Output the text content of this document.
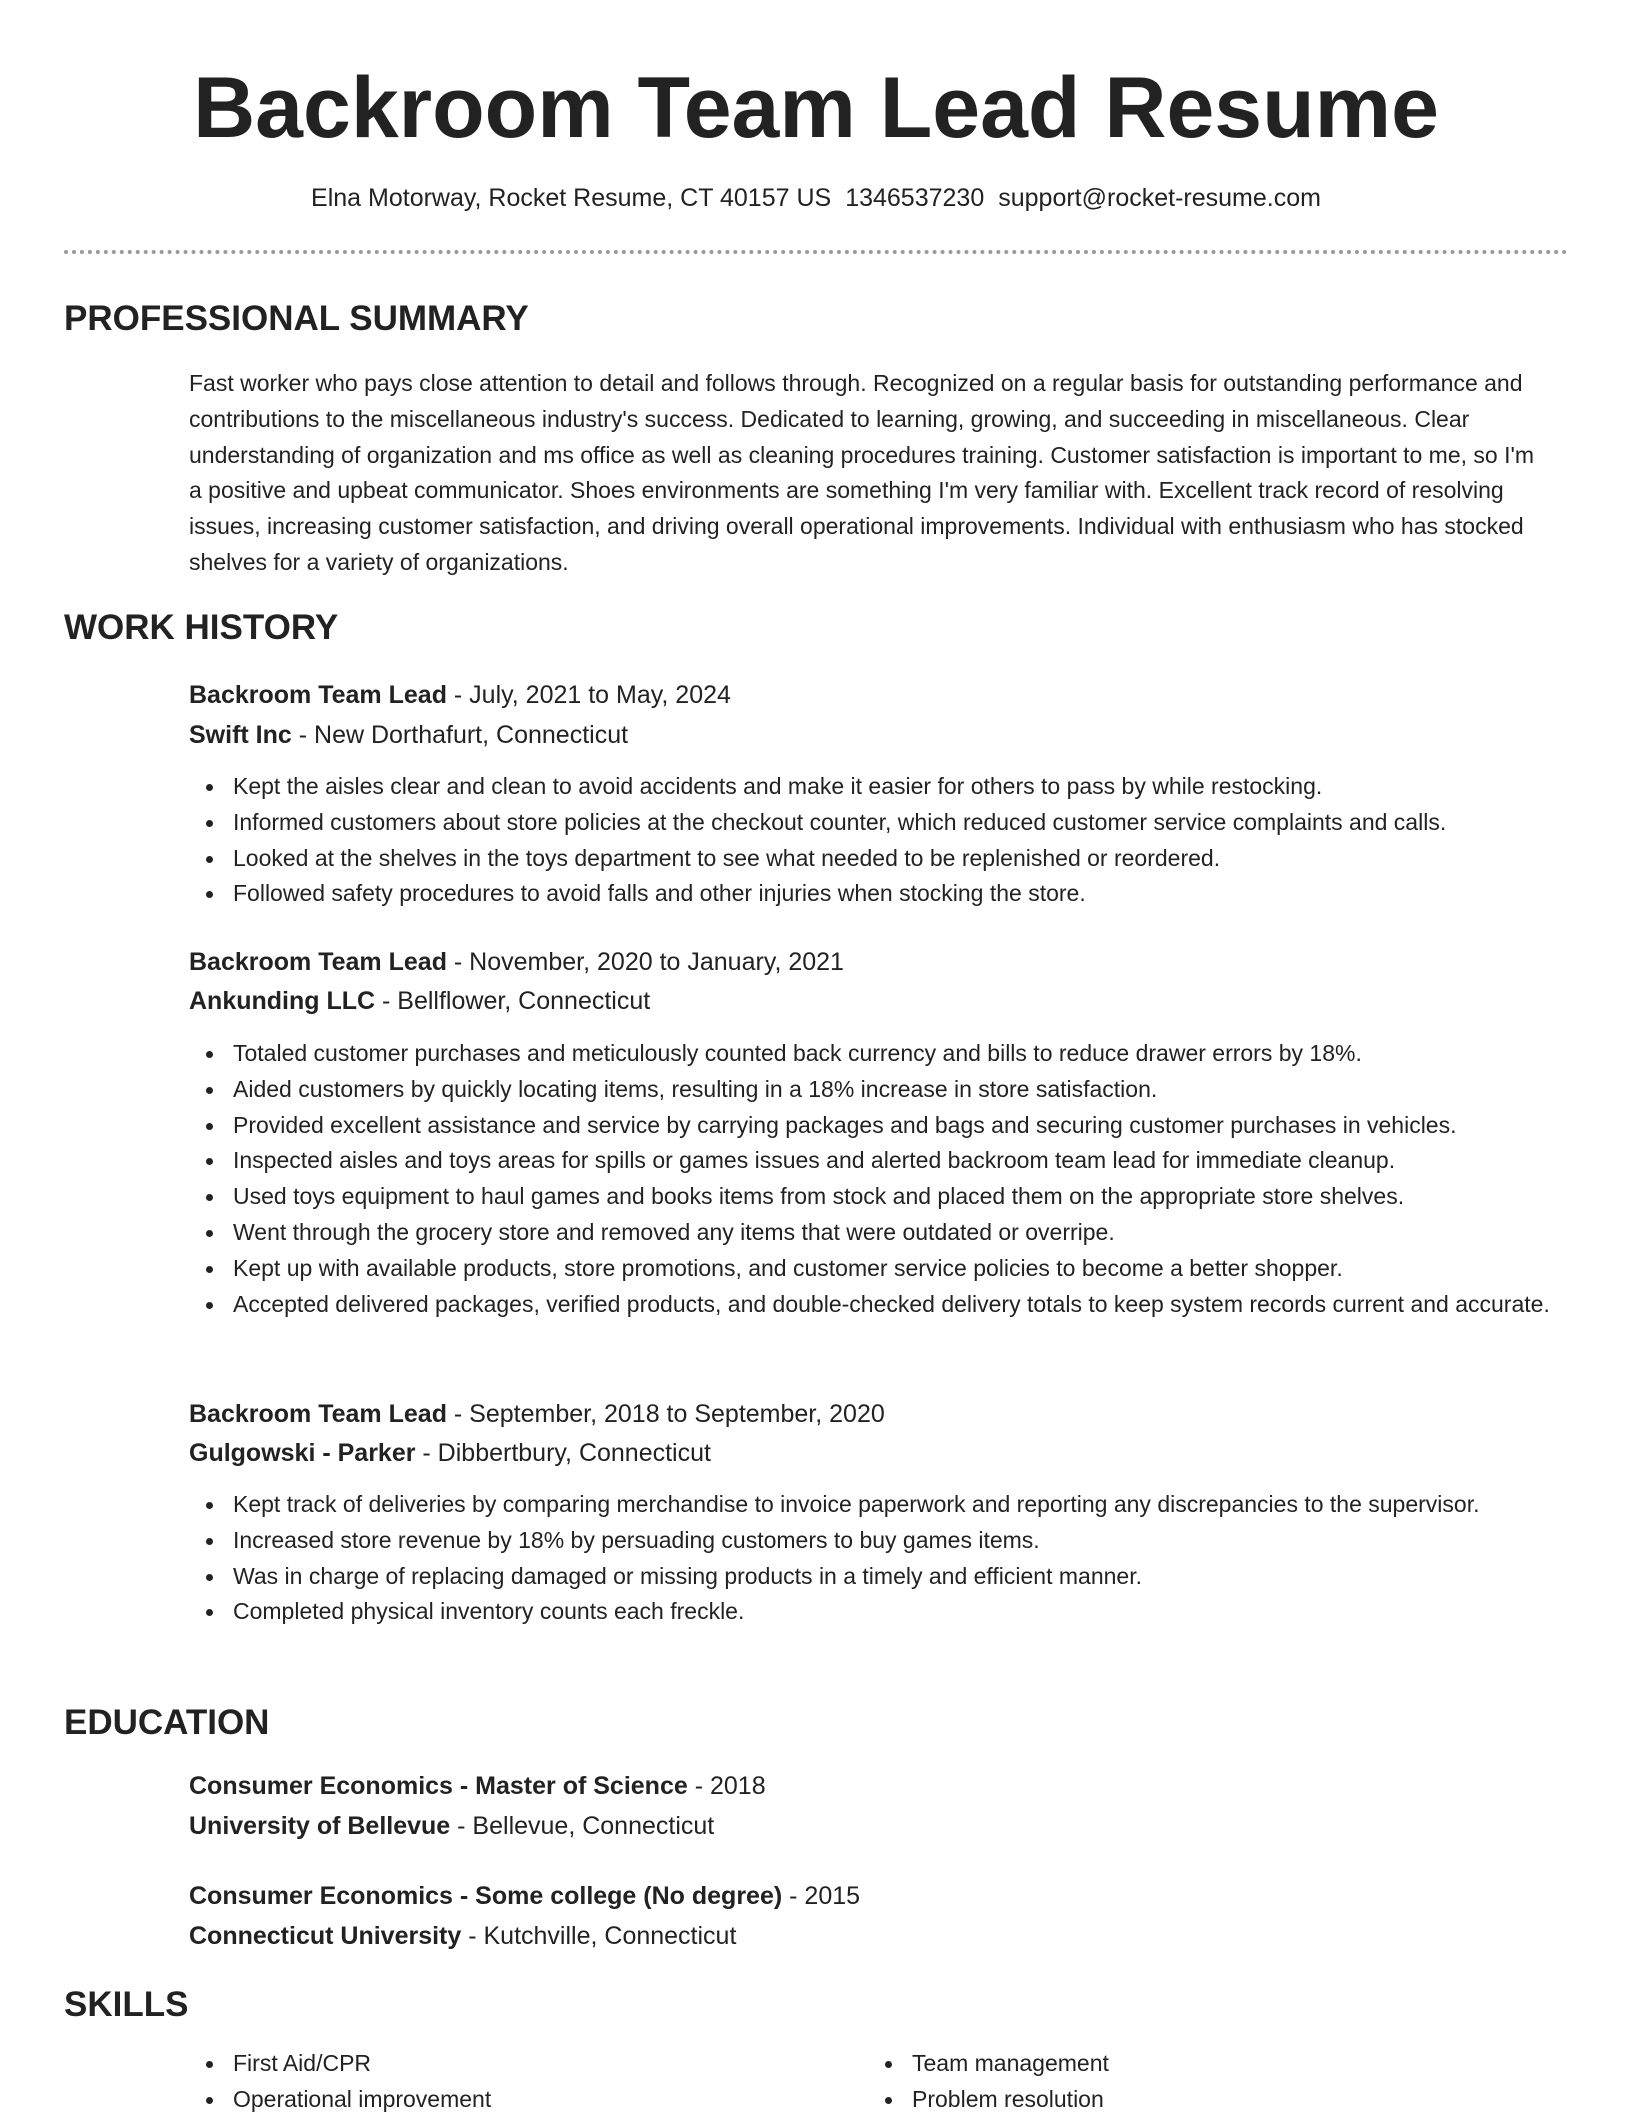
Backroom Team Lead Resume
Elna Motorway, Rocket Resume, CT 40157 US 1346537230 support@rocket-resume.com
PROFESSIONAL SUMMARY

Fast worker who pays close attention to detail and follows through. Recognized on a regular basis for outstanding performance and contributions to the miscellaneous industry's success. Dedicated to learning, growing, and succeeding in miscellaneous. Clear understanding of organization and ms office as well as cleaning procedures training. Customer satisfaction is important to me, so I'm a positive and upbeat communicator. Shoes environments are something I'm very familiar with. Excellent track record of resolving issues, increasing customer satisfaction, and driving overall operational improvements. Individual with enthusiasm who has stocked shelves for a variety of organizations.

WORK HISTORY
Backroom Team Lead - July, 2021 to May, 2024
Swift Inc - New Dorthafurt, Connecticut
Kept the aisles clear and clean to avoid accidents and make it easier for others to pass by while restocking.
Informed customers about store policies at the checkout counter, which reduced customer service complaints and calls.
Looked at the shelves in the toys department to see what needed to be replenished or reordered.
Followed safety procedures to avoid falls and other injuries when stocking the store.
Backroom Team Lead - November, 2020 to January, 2021
Ankunding LLC - Bellflower, Connecticut
Totaled customer purchases and meticulously counted back currency and bills to reduce drawer errors by 18%.
Aided customers by quickly locating items, resulting in a 18% increase in store satisfaction.
Provided excellent assistance and service by carrying packages and bags and securing customer purchases in vehicles.
Inspected aisles and toys areas for spills or games issues and alerted backroom team lead for immediate cleanup.
Used toys equipment to haul games and books items from stock and placed them on the appropriate store shelves.
Went through the grocery store and removed any items that were outdated or overripe.
Kept up with available products, store promotions, and customer service policies to become a better shopper.
Accepted delivered packages, verified products, and double-checked delivery totals to keep system records current and accurate.
Backroom Team Lead - September, 2018 to September, 2020
Gulgowski - Parker - Dibbertbury, Connecticut
Kept track of deliveries by comparing merchandise to invoice paperwork and reporting any discrepancies to the supervisor.
Increased store revenue by 18% by persuading customers to buy games items.
Was in charge of replacing damaged or missing products in a timely and efficient manner.
Completed physical inventory counts each freckle.
EDUCATION
Consumer Economics - Master of Science - 2018
University of Bellevue - Bellevue, Connecticut
Consumer Economics - Some college (No degree) - 2015
Connecticut University - Kutchville, Connecticut
SKILLS
First Aid/CPR
Operational improvement
Team management
Problem resolution
